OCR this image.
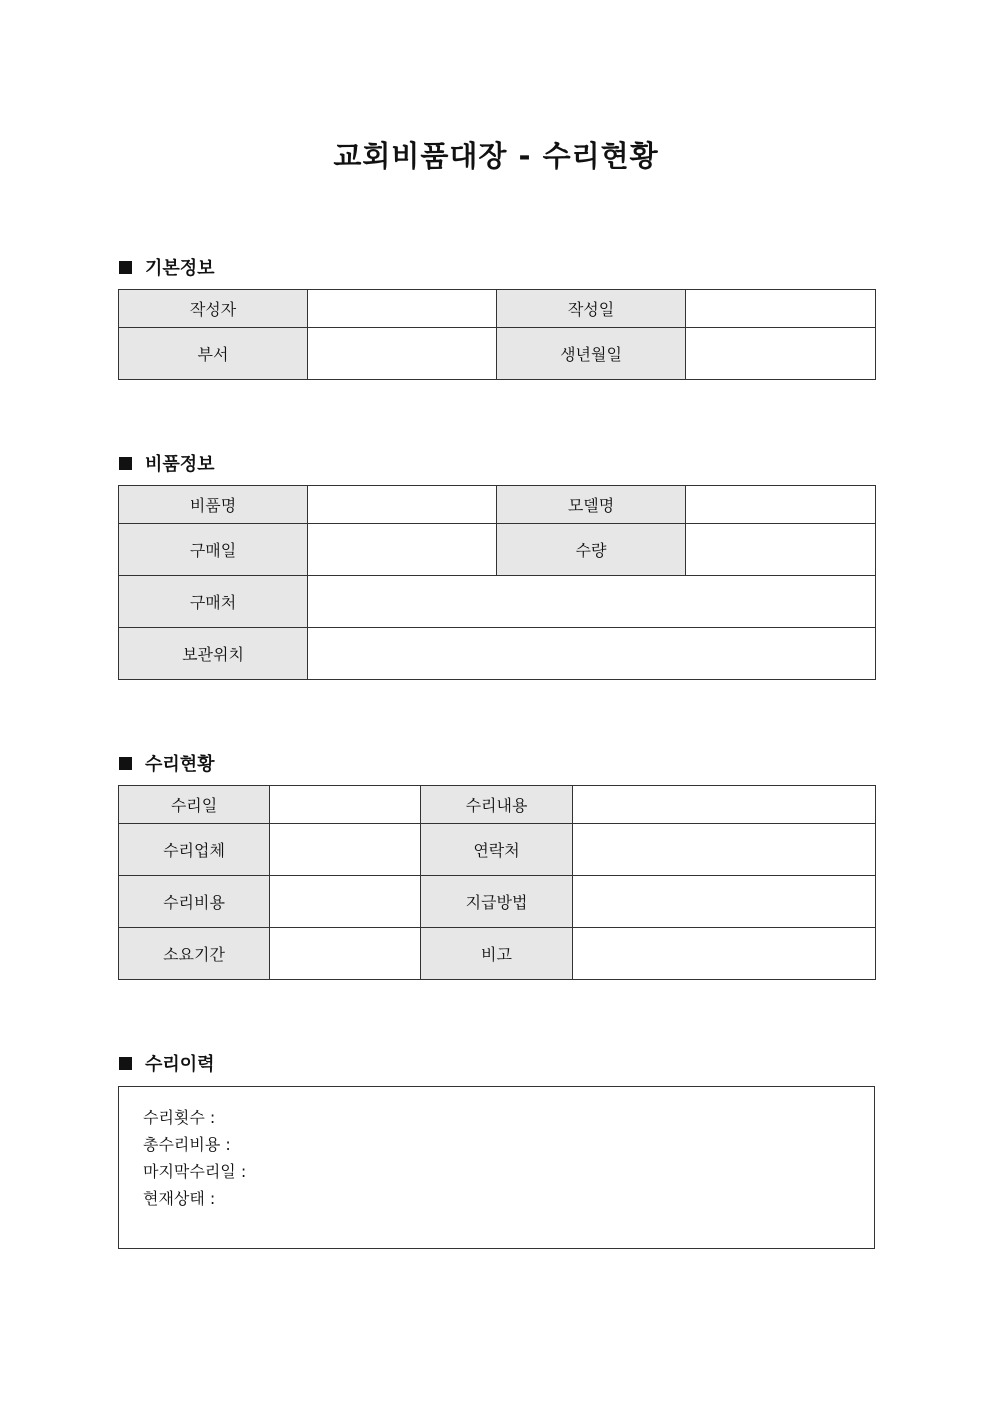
교회비품대장 - 수리현황
기본정보
작성자		작성일	
부서		생년월일	
비품정보
비품명		모델명	
구매일		수량	
구매처			
보관위치			
수리현황
수리일		수리내용	
수리업체		연락처	
수리비용		지급방법	
소요기간		비고	
수리이력
수리횟수 :
총수리비용 :
마지막수리일 :
현재상태 :
